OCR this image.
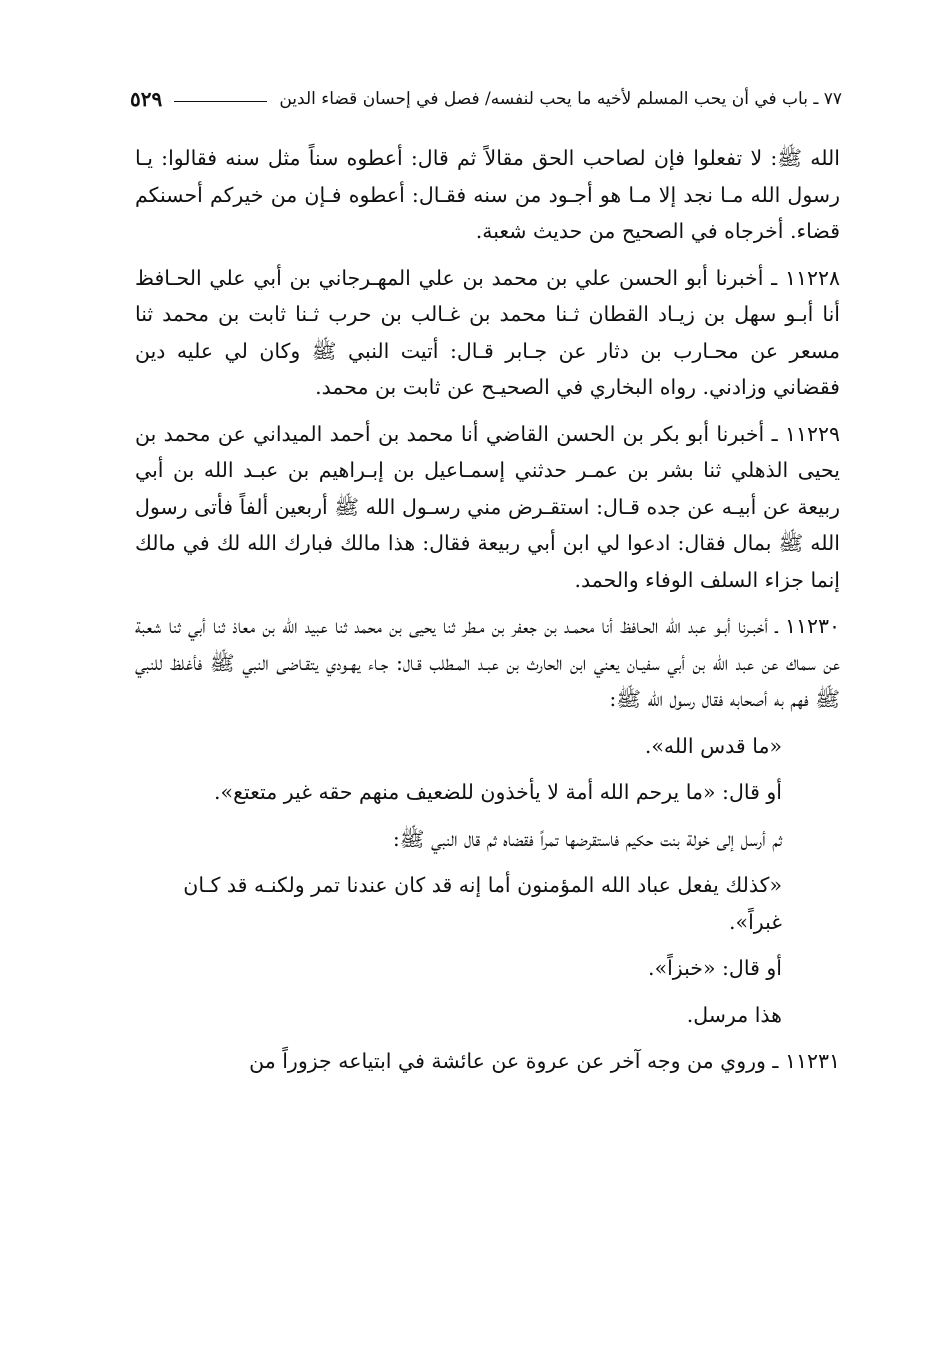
٧٧ ـ باب في أن يحب المسلم لأخيه ما يحب لنفسه/ فصل في إحسان قضاء الدين
٥٢٩

الله ﷺ: لا تفعلوا فإن لصاحب الحق مقالاً ثم قال: أعطوه سناً مثل سنه فقالوا: يـا رسول الله مـا نجد إلا مـا هو أجـود من سنه فقـال: أعطوه فـإن من خيركم أحسنكم قضاء. أخرجاه في الصحيح من حديث شعبة.

١١٢٢٨ ـ أخبرنا أبو الحسن علي بن محمد بن علي المهـرجاني بن أبي علي الحـافظ أنا أبـو سهل بن زيـاد القطان ثـنا محمد بن غـالب بن حرب ثـنا ثابت بن محمد ثنا مسعر عن محـارب بن دثار عن جـابر قـال: أتيت النبي ﷺ وكان لي عليه دين فقضاني وزادني. رواه البخاري في الصحيـح عن ثابت بن محمد.

١١٢٢٩ ـ أخبرنا أبو بكر بن الحسن القاضي أنا محمد بن أحمد الميداني عن محمد بن يحيى الذهلي ثنا بشر بن عمـر حدثني إسمـاعيل بن إبـراهيم بن عبـد الله بن أبي ربيعة عن أبيـه عن جده قـال: استقـرض مني رسـول الله ﷺ أربعين ألفاً فأتى رسول الله ﷺ بمال فقال: ادعوا لي ابن أبي ربيعة فقال: هذا مالك فبارك الله لك في مالك إنما جزاء السلف الوفاء والحمد.

١١٢٣٠ ـ أخبـرنا أبـو عبد الله الحـافظ أنا محمـد بن جعفر بن مـطر ثنا يحيى بن محمد ثنا عبيد الله بن معاذ ثنا أبي ثنا شعبة عن سماك عن عبد الله بن أبي سفيـان يعني ابن الحارث بن عبـد المـطلب قـال: جـاء يهـودي يتقـاضى النبي ﷺ فأغلظ للنبي ﷺ فهم به أصحابه فقال رسول الله ﷺ:

«ما قدس الله».

أو قال: «ما يرحم الله أمة لا يأخذون للضعيف منهم حقه غير متعتع».

ثم أرسل إلى خولة بنت حكيم فاستقرضها تمراً فقضاه ثم قال النبي ﷺ:

«كذلك يفعل عباد الله المؤمنون أما إنه قد كان عندنا تمر ولكنـه قد كـان غبراً».

أو قال: «خبزاً».

هذا مرسل.

١١٢٣١ ـ وروي من وجه آخر عن عروة عن عائشة في ابتياعه جزوراً من
